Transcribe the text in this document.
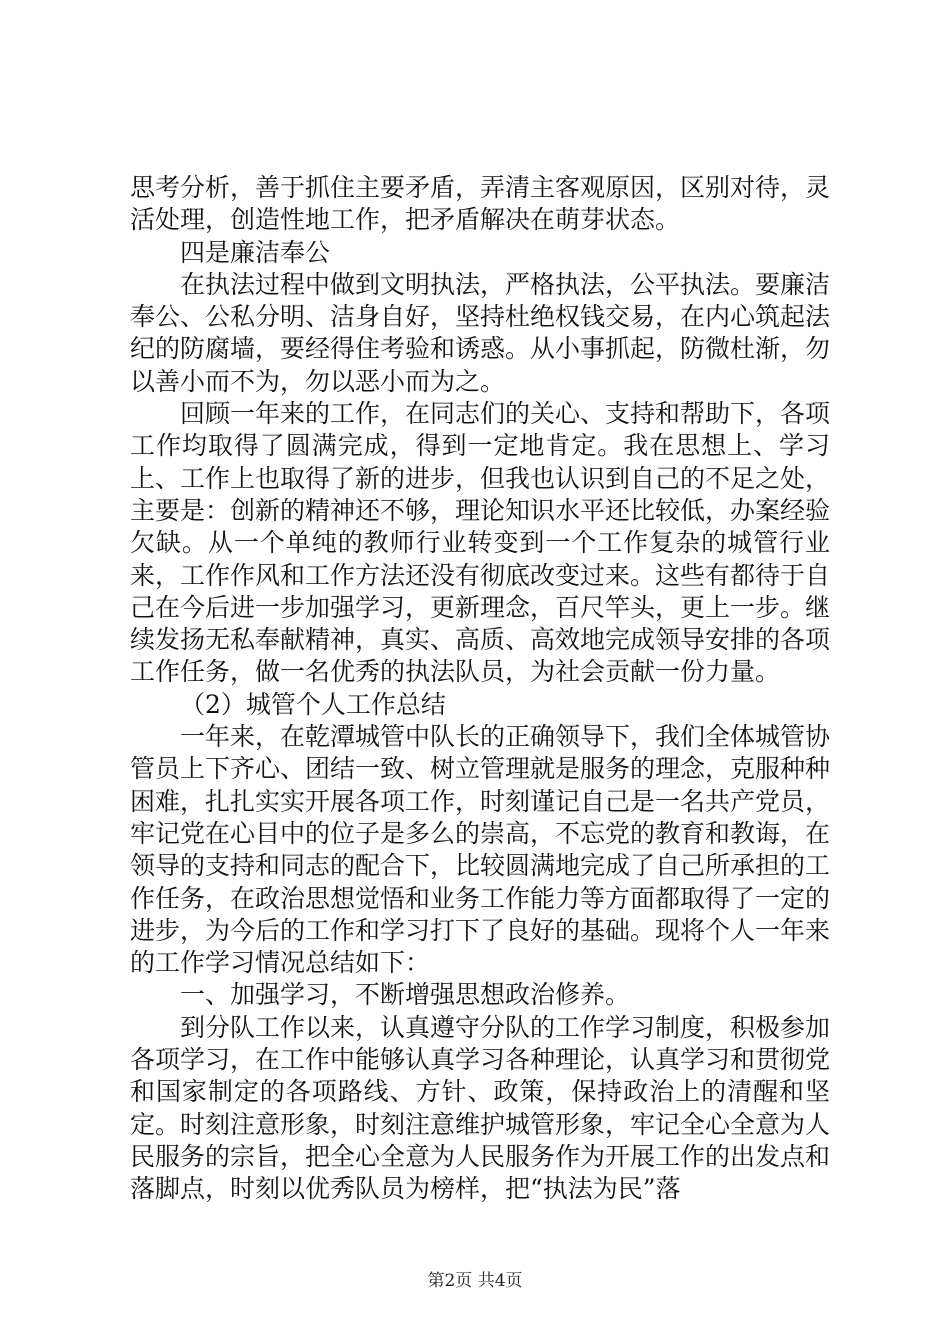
思考分析，善于抓住主要矛盾，弄清主客观原因，区别对待，灵活处理，创造性地工作，把矛盾解决在萌芽状态。

四是廉洁奉公

在执法过程中做到文明执法，严格执法，公平执法。要廉洁奉公、公私分明、洁身自好，坚持杜绝权钱交易，在内心筑起法纪的防腐墙，要经得住考验和诱惑。从小事抓起，防微杜渐，勿以善小而不为，勿以恶小而为之。

回顾一年来的工作，在同志们的关心、支持和帮助下，各项工作均取得了圆满完成，得到一定地肯定。我在思想上、学习上、工作上也取得了新的进步，但我也认识到自己的不足之处，主要是：创新的精神还不够，理论知识水平还比较低，办案经验欠缺。从一个单纯的教师行业转变到一个工作复杂的城管行业来，工作作风和工作方法还没有彻底改变过来。这些有都待于自己在今后进一步加强学习，更新理念，百尺竿头，更上一步。继续发扬无私奉献精神，真实、高质、高效地完成领导安排的各项工作任务，做一名优秀的执法队员，为社会贡献一份力量。

（2）城管个人工作总结

一年来，在乾潭城管中队长的正确领导下，我们全体城管协管员上下齐心、团结一致、树立管理就是服务的理念，克服种种困难，扎扎实实开展各项工作，时刻谨记自己是一名共产党员，牢记党在心目中的位子是多么的崇高，不忘党的教育和教诲，在领导的支持和同志的配合下，比较圆满地完成了自己所承担的工作任务，在政治思想觉悟和业务工作能力等方面都取得了一定的进步，为今后的工作和学习打下了良好的基础。现将个人一年来的工作学习情况总结如下：

一、加强学习，不断增强思想政治修养。

到分队工作以来，认真遵守分队的工作学习制度，积极参加各项学习，在工作中能够认真学习各种理论，认真学习和贯彻党和国家制定的各项路线、方针、政策，保持政治上的清醒和坚定。时刻注意形象，时刻注意维护城管形象，牢记全心全意为人民服务的宗旨，把全心全意为人民服务作为开展工作的出发点和落脚点，时刻以优秀队员为榜样，把“执法为民”落

第2页 共4页
